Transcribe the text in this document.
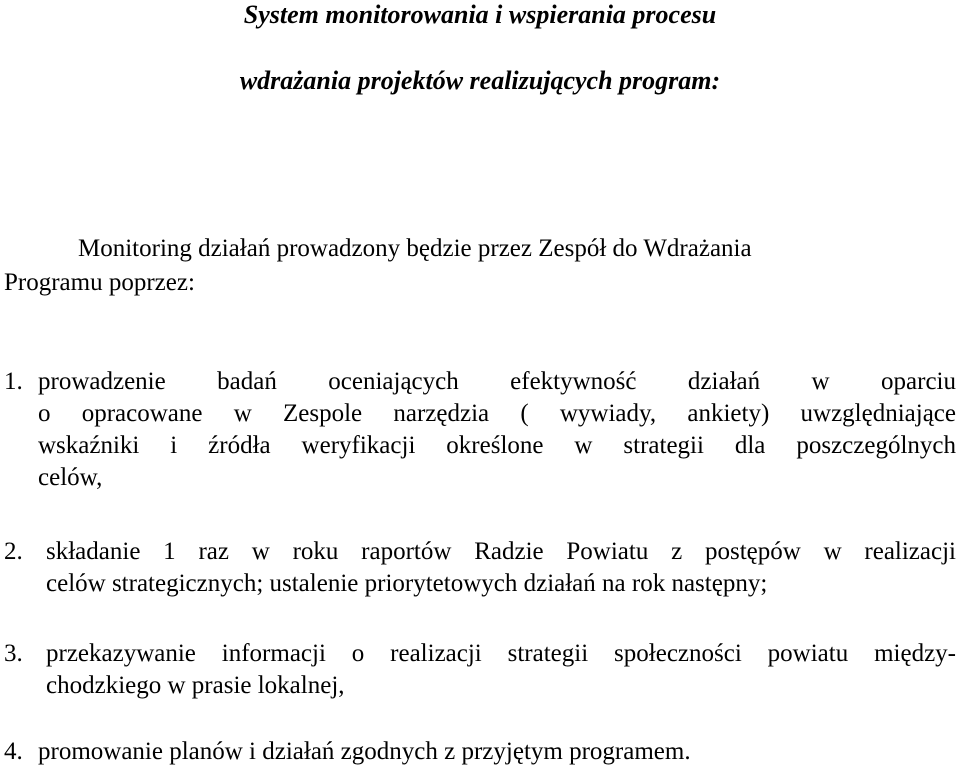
System monitorowania i wspierania procesu
wdrażania projektów realizujących program:
Monitoring działań prowadzony będzie przez Zespół do Wdrażania
Programu poprzez:
1. prowadzenie badań oceniających efektywność działań w oparciu
o opracowane w Zespole narzędzia ( wywiady, ankiety) uwzględniające
wskaźniki i źródła weryfikacji określone w strategii dla poszczególnych
celów,
2. składanie 1 raz w roku raportów Radzie Powiatu z postępów w realizacji
celów strategicznych; ustalenie priorytetowych działań na rok następny;
3. przekazywanie informacji o realizacji strategii społeczności powiatu między-
chodzkiego w prasie lokalnej,
4. promowanie planów i działań zgodnych z przyjętym programem.
